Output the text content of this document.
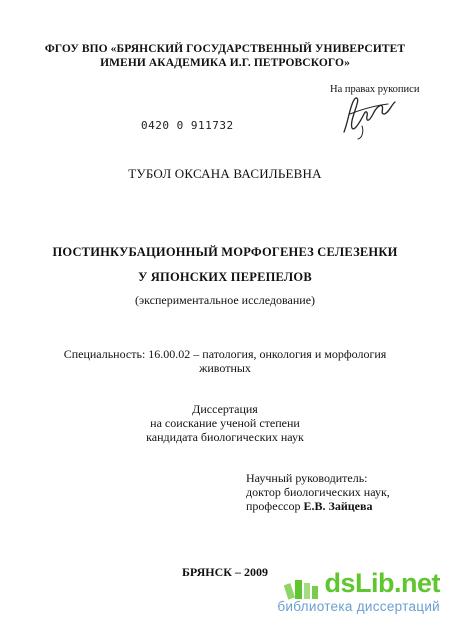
ФГОУ ВПО «БРЯНСКИЙ ГОСУДАРСТВЕННЫЙ УНИВЕРСИТЕТ
ИМЕНИ АКАДЕМИКА И.Г. ПЕТРОВСКОГО»
На правах рукописи
0420 0 911732
ТУБОЛ ОКСАНА ВАСИЛЬЕВНА
ПОСТИНКУБАЦИОННЫЙ МОРФОГЕНЕЗ СЕЛЕЗЕНКИ
У ЯПОНСКИХ ПЕРЕПЕЛОВ
(экспериментальное исследование)
Специальность: 16.00.02 – патология, онкология и морфология
животных
Диссертация
на соискание ученой степени
кандидата биологических наук
Научный руководитель:
доктор биологических наук,
профессор Е.В. Зайцева
БРЯНСК – 2009	dsLib.net
библиотека диссертаций
